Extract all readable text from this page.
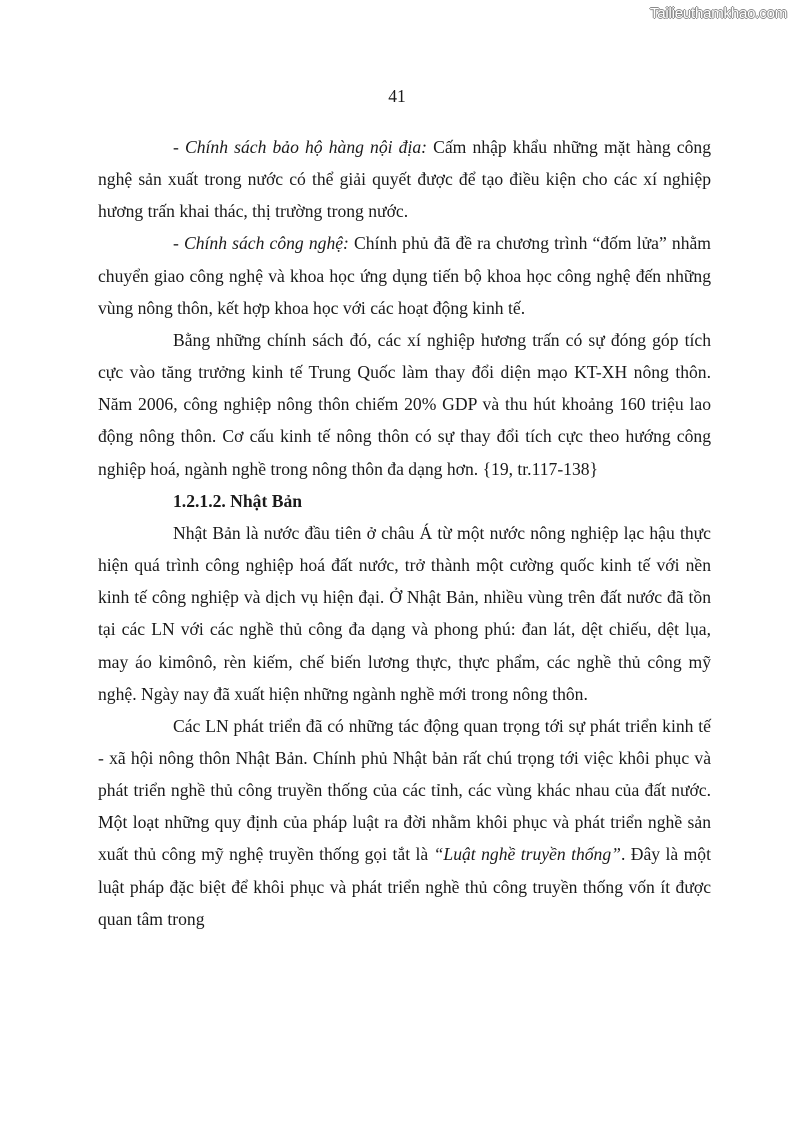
Tailieuthamkhao.com
41

- Chính sách bảo hộ hàng nội địa: Cấm nhập khẩu những mặt hàng công nghệ sản xuất trong nước có thể giải quyết được để tạo điều kiện cho các xí nghiệp hương trấn khai thác, thị trường trong nước.

- Chính sách công nghệ: Chính phủ đã đề ra chương trình “đốm lửa” nhằm chuyển giao công nghệ và khoa học ứng dụng tiến bộ khoa học công nghệ đến những vùng nông thôn, kết hợp khoa học với các hoạt động kinh tế.

Bằng những chính sách đó, các xí nghiệp hương trấn có sự đóng góp tích cực vào tăng trưởng kinh tế Trung Quốc làm thay đổi diện mạo KT-XH nông thôn. Năm 2006, công nghiệp nông thôn chiếm 20% GDP và thu hút khoảng 160 triệu lao động nông thôn. Cơ cấu kinh tế nông thôn có sự thay đổi tích cực theo hướng công nghiệp hoá, ngành nghề trong nông thôn đa dạng hơn. {19, tr.117-138}

1.2.1.2. Nhật Bản

Nhật Bản là nước đầu tiên ở châu Á từ một nước nông nghiệp lạc hậu thực hiện quá trình công nghiệp hoá đất nước, trở thành một cường quốc kinh tế với nền kinh tế công nghiệp và dịch vụ hiện đại. Ở Nhật Bản, nhiều vùng trên đất nước đã tồn tại các LN với các nghề thủ công đa dạng và phong phú: đan lát, dệt chiếu, dệt lụa, may áo kimônô, rèn kiếm, chế biến lương thực, thực phẩm, các nghề thủ công mỹ nghệ. Ngày nay đã xuất hiện những ngành nghề mới trong nông thôn.

Các LN phát triển đã có những tác động quan trọng tới sự phát triển kinh tế - xã hội nông thôn Nhật Bản. Chính phủ Nhật bản rất chú trọng tới việc khôi phục và phát triển nghề thủ công truyền thống của các tỉnh, các vùng khác nhau của đất nước. Một loạt những quy định của pháp luật ra đời nhằm khôi phục và phát triển nghề sản xuất thủ công mỹ nghệ truyền thống gọi tắt là “Luật nghề truyền thống”. Đây là một luật pháp đặc biệt để khôi phục và phát triển nghề thủ công truyền thống vốn ít được quan tâm trong
